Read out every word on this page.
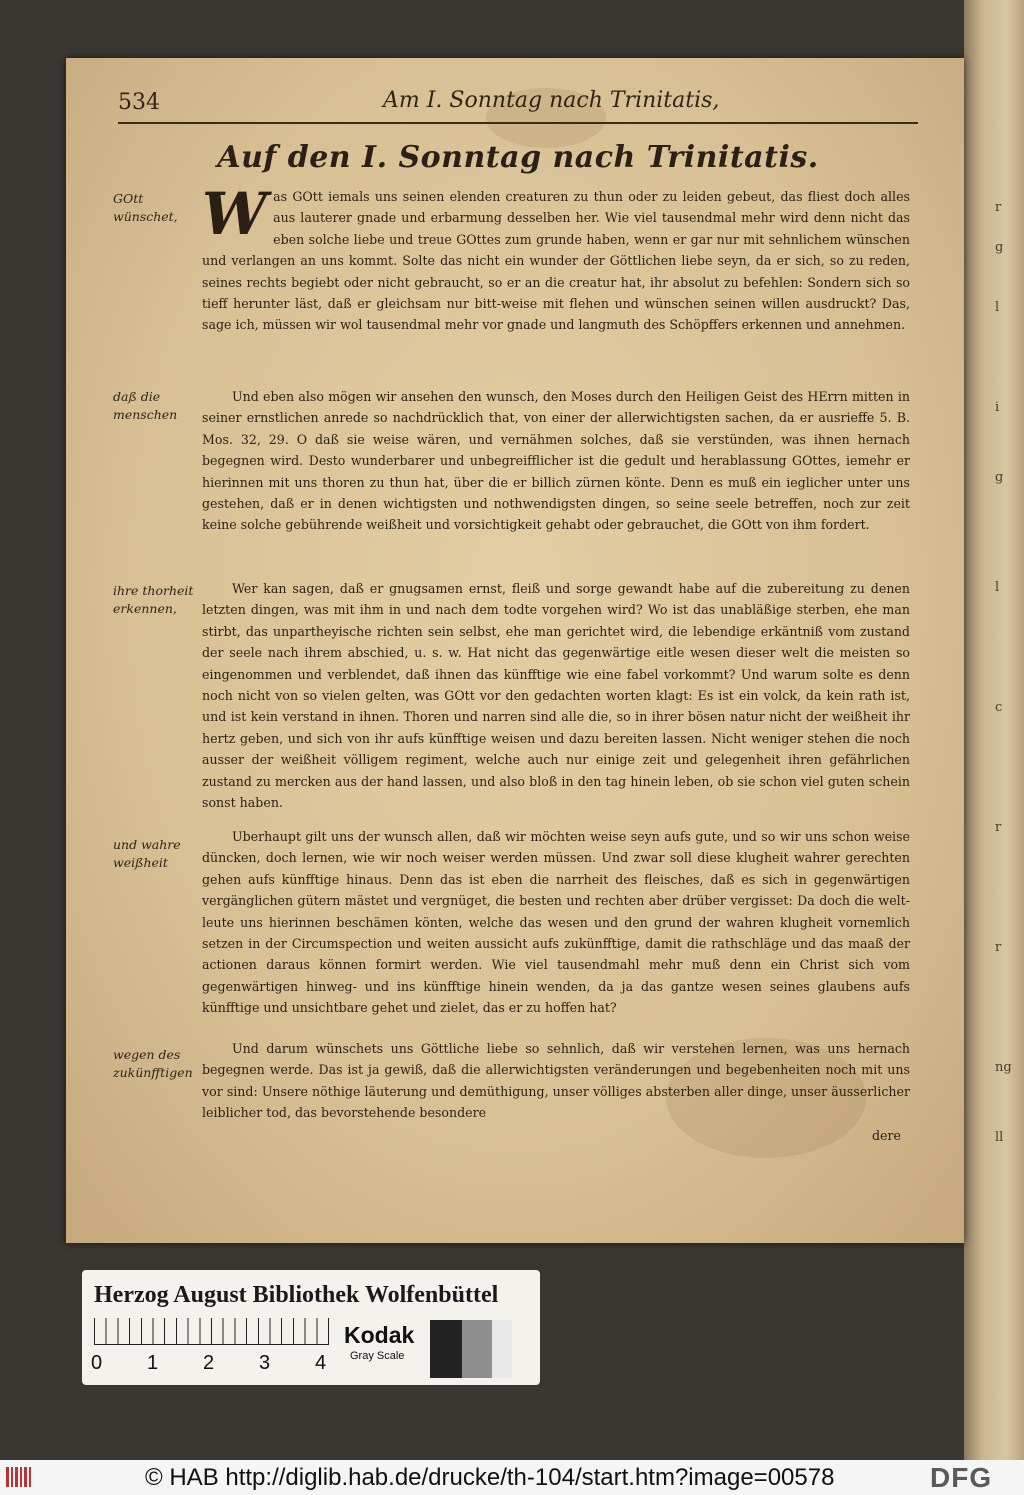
534	Am I. Sonntag nach Trinitatis,
Auf den I. Sonntag nach Trinitatis.
GOtt wünschet,
daß die menschen
ihre thorheit erkennen,
und wahre weißheit
wegen des zukünfftigen
Was GOtt iemals uns seinen elenden creaturen zu thun oder zu leiden gebeut, das fliest doch alles aus lauterer gnade und erbarmung desselben her. Wie viel tausendmal mehr wird denn nicht das eben solche liebe und treue GOttes zum grunde haben, wenn er gar nur mit sehnlichem wünschen und verlangen an uns kommt. Solte das nicht ein wunder der Göttlichen liebe seyn, da er sich, so zu reden, seines rechts begiebt oder nicht gebraucht, so er an die creatur hat, ihr absolut zu befehlen: Sondern sich so tieff herunter läst, daß er gleichsam nur bitt-weise mit flehen und wünschen seinen willen ausdruckt? Das, sage ich, müssen wir wol tausendmal mehr vor gnade und langmuth des Schöpffers erkennen und annehmen.
Und eben also mögen wir ansehen den wunsch, den Moses durch den Heiligen Geist des HErrn mitten in seiner ernstlichen anrede so nachdrücklich that, von einer der allerwichtigsten sachen, da er ausrieffe 5. B. Mos. 32, 29. O daß sie weise wären, und vernähmen solches, daß sie verstünden, was ihnen hernach begegnen wird. Desto wunderbarer und unbegreifflicher ist die gedult und herablassung GOttes, iemehr er hierinnen mit uns thoren zu thun hat, über die er billich zürnen könte. Denn es muß ein ieglicher unter uns gestehen, daß er in denen wichtigsten und nothwendigsten dingen, so seine seele betreffen, noch zur zeit keine solche gebührende weißheit und vorsichtigkeit gehabt oder gebrauchet, die GOtt von ihm fordert.
Wer kan sagen, daß er gnugsamen ernst, fleiß und sorge gewandt habe auf die zubereitung zu denen letzten dingen, was mit ihm in und nach dem todte vorgehen wird? Wo ist das unabläßige sterben, ehe man stirbt, das unpartheyische richten sein selbst, ehe man gerichtet wird, die lebendige erkäntniß vom zustand der seele nach ihrem abschied, u. s. w. Hat nicht das gegenwärtige eitle wesen dieser welt die meisten so eingenommen und verblendet, daß ihnen das künfftige wie eine fabel vorkommt? Und warum solte es denn noch nicht von so vielen gelten, was GOtt vor den gedachten worten klagt: Es ist ein volck, da kein rath ist, und ist kein verstand in ihnen. Thoren und narren sind alle die, so in ihrer bösen natur nicht der weißheit ihr hertz geben, und sich von ihr aufs künfftige weisen und dazu bereiten lassen. Nicht weniger stehen die noch ausser der weißheit völligem regiment, welche auch nur einige zeit und gelegenheit ihren gefährlichen zustand zu mercken aus der hand lassen, und also bloß in den tag hinein leben, ob sie schon viel guten schein sonst haben.
Uberhaupt gilt uns der wunsch allen, daß wir möchten weise seyn aufs gute, und so wir uns schon weise düncken, doch lernen, wie wir noch weiser werden müssen. Und zwar soll diese klugheit wahrer gerechten gehen aufs künfftige hinaus. Denn das ist eben die narrheit des fleisches, daß es sich in gegenwärtigen vergänglichen gütern mästet und vergnüget, die besten und rechten aber drüber vergisset: Da doch die welt-leute uns hierinnen beschämen könten, welche das wesen und den grund der wahren klugheit vornemlich setzen in der Circumspection und weiten aussicht aufs zukünfftige, damit die rathschläge und das maaß der actionen daraus können formirt werden. Wie viel tausendmahl mehr muß denn ein Christ sich vom gegenwärtigen hinweg- und ins künfftige hinein wenden, da ja das gantze wesen seines glaubens aufs künfftige und unsichtbare gehet und zielet, das er zu hoffen hat?
Und darum wünschets uns Göttliche liebe so sehnlich, daß wir verstehen lernen, was uns hernach begegnen werde. Das ist ja gewiß, daß die allerwichtigsten veränderungen und begebenheiten noch mit uns vor sind: Unsere nöthige läuterung und demüthigung, unser völliges absterben aller dinge, unser äusserlicher leiblicher tod, das bevorstehende besondere
dere
r
g
l
i
g
l
c
r
r
ng
ll
Herzog August Bibliothek Wolfenbüttel
0 1 2 3 4
Kodak
Gray Scale
© HAB http://diglib.hab.de/drucke/th-104/start.htm?image=00578	DFG
